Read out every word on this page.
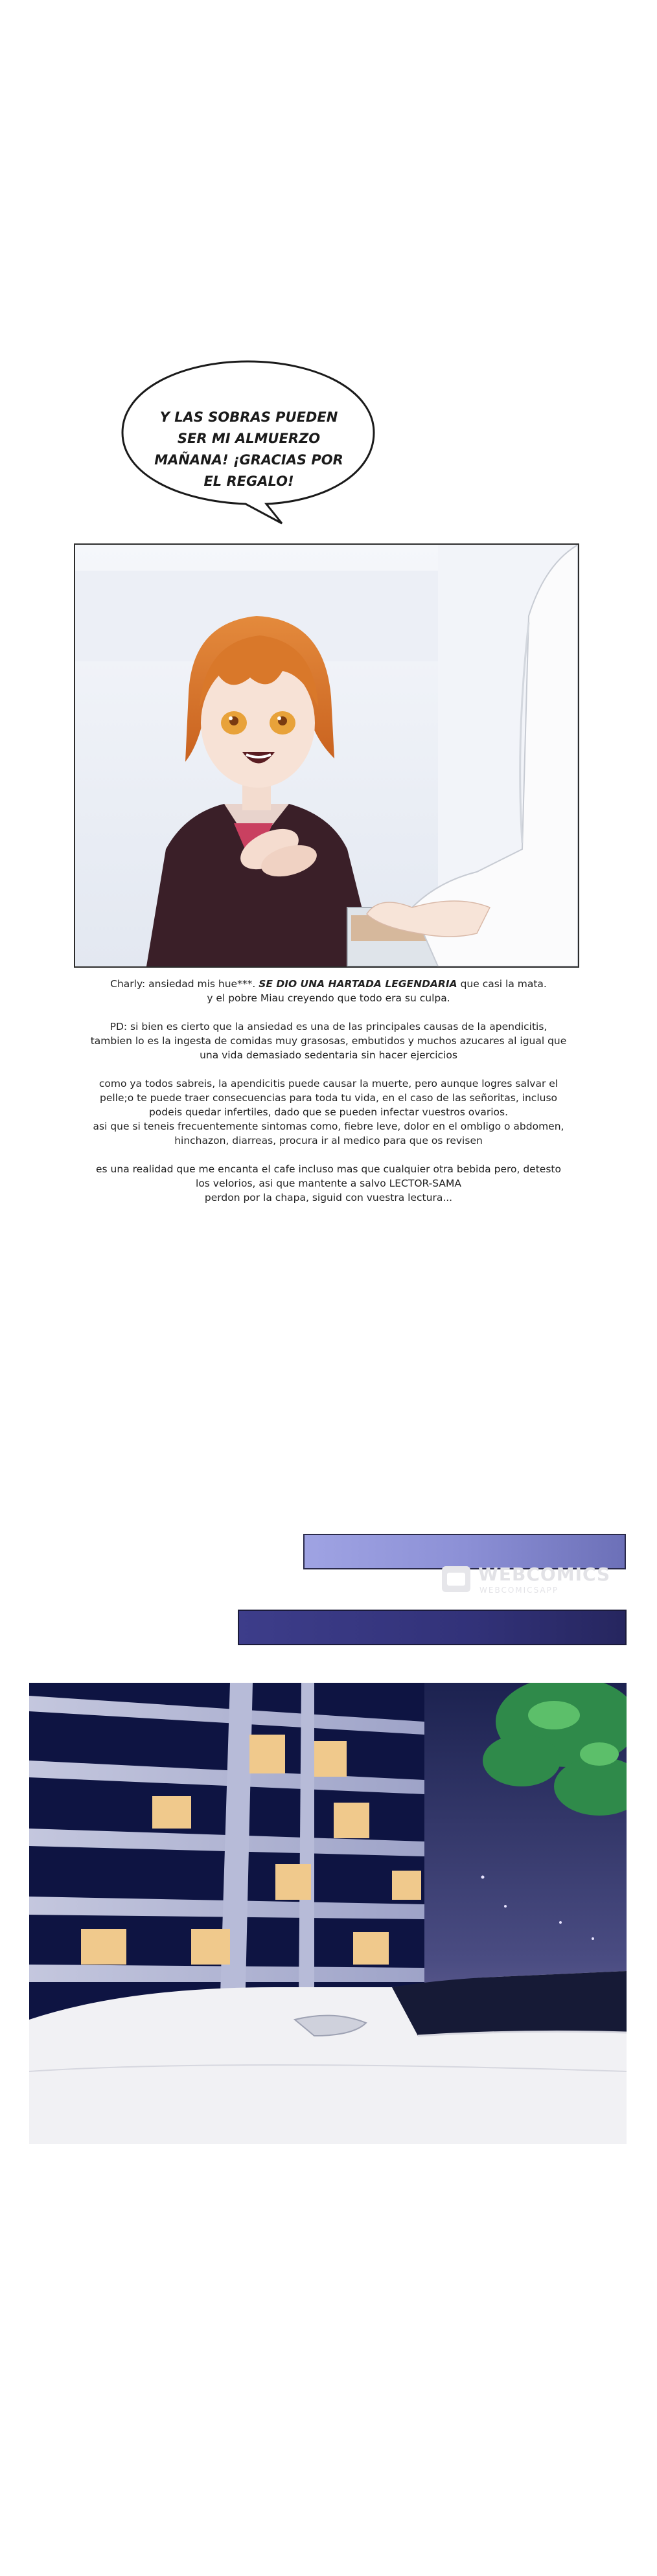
Y LAS SOBRAS PUEDEN
SER MI ALMUERZO
MAÑANA! ¡GRACIAS POR
EL REGALO!

Charly: ansiedad mis hue***. SE DIO UNA HARTADA LEGENDARIA que casi la mata.
y el pobre Miau creyendo que todo era su culpa.

PD: si bien es cierto que la ansiedad es una de las principales causas de la apendicitis,
tambien lo es la ingesta de comidas muy grasosas, embutidos y muchos azucares al igual que
una vida demasiado sedentaria sin hacer ejercicios

como ya todos sabreis, la apendicitis puede causar la muerte, pero aunque logres salvar el
pelle;o te puede traer consecuencias para toda tu vida, en el caso de las señoritas, incluso
podeis quedar infertiles, dado que se pueden infectar vuestros ovarios.
asi que si teneis frecuentemente sintomas como, fiebre leve, dolor en el ombligo o abdomen,
hinchazon, diarreas, procura ir al medico para que os revisen

es una realidad que me encanta el cafe incluso mas que cualquier otra bebida pero, detesto
los velorios, asi que mantente a salvo LECTOR-SAMA
perdon por la chapa, siguid con vuestra lectura...

WEBCOMICS
WEBCOMICSAPP
